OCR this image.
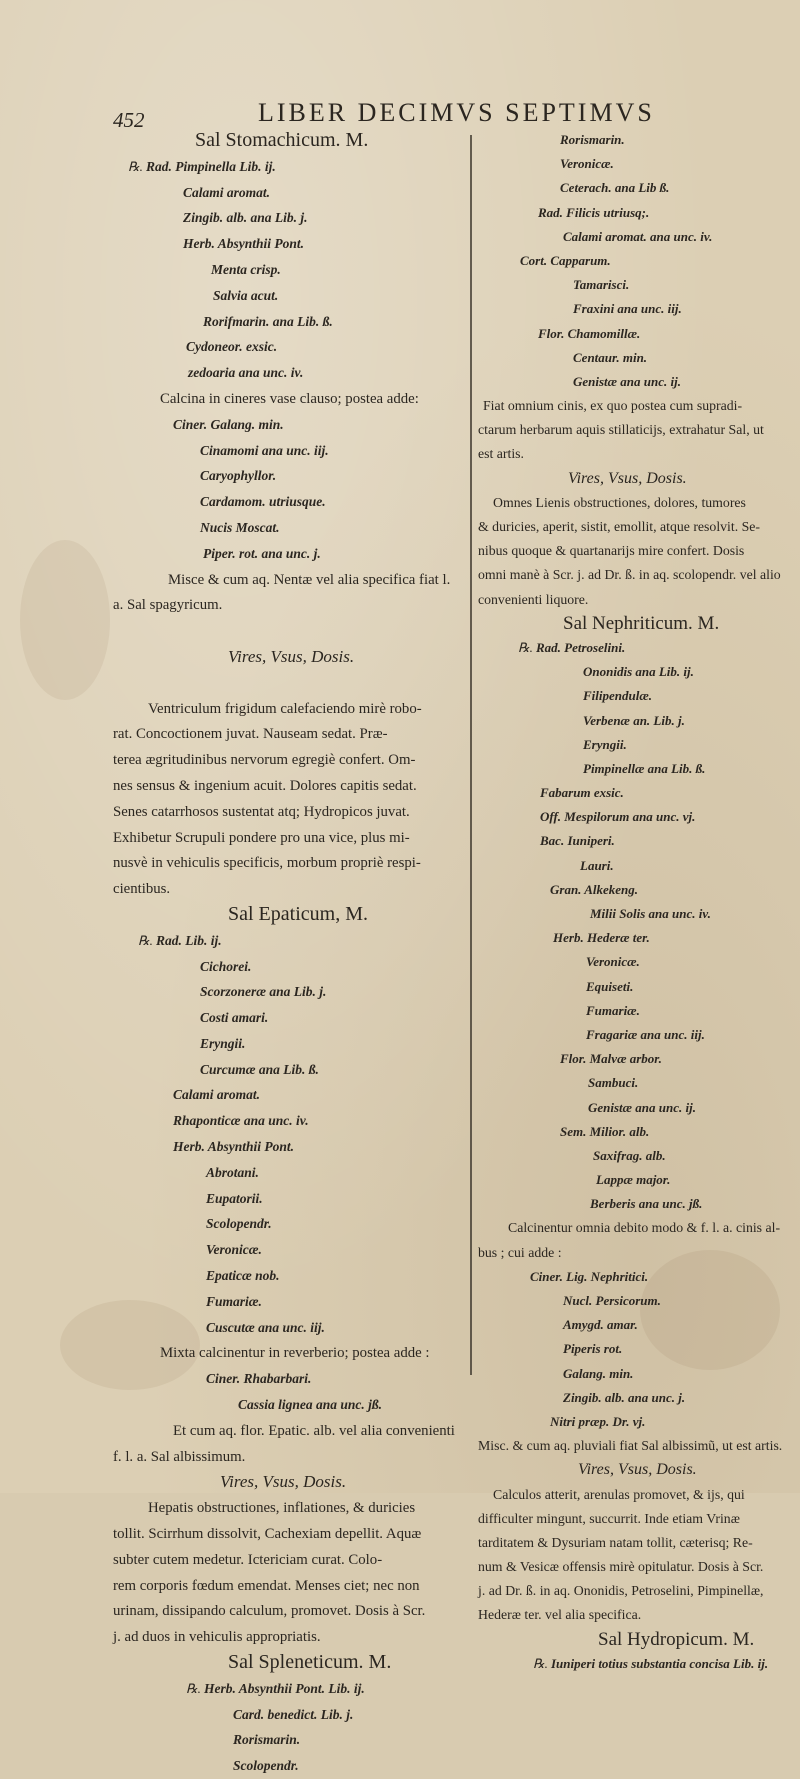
452	LIBER DECIMVS SEPTIMVS
Sal Stomachicum. M.
℞. Rad. Pimpinella Lib. ij.
Calami aromat.
Zingib. alb. ana Lib. j.
Herb. Absynthii Pont.
Menta crisp.
Salvia acut.
Rorifmarin. ana Lib. ß.
Cydoneor. exsic.
zedoaria ana unc. iv.
Calcina in cineres vase clauso; postea adde:
Ciner. Galang. min.
Cinamomi ana unc. iij.
Caryophyllor.
Cardamom. utriusque.
Nucis Moscat.
Piper. rot. ana unc. j.
Misce & cum aq. Nentæ vel alia specifica fiat l.
a. Sal spagyricum.
Vires, Vsus, Dosis.
Ventriculum frigidum calefaciendo mirè robo-
rat. Concoctionem juvat. Nauseam sedat. Præ-
terea ægritudinibus nervorum egregiè confert. Om-
nes sensus & ingenium acuit. Dolores capitis sedat.
Senes catarrhosos sustentat atq; Hydropicos juvat.
Exhibetur Scrupuli pondere pro una vice, plus mi-
nusvè in vehiculis specificis, morbum propriè respi-
cientibus.
Sal Epaticum, M.
℞. Rad. Lib. ij.
Cichorei.
Scorzoneræ ana Lib. j.
Costi amari.
Eryngii.
Curcumæ ana Lib. ß.
Calami aromat.
Rhaponticæ ana unc. iv.
Herb. Absynthii Pont.
Abrotani.
Eupatorii.
Scolopendr.
Veronicæ.
Epaticæ nob.
Fumariæ.
Cuscutæ ana unc. iij.
Mixta calcinentur in reverberio; postea adde :
Ciner. Rhabarbari.
Cassia lignea ana unc. jß.
Et cum aq. flor. Epatic. alb. vel alia convenienti
f. l. a. Sal albissimum.
Vires, Vsus, Dosis.
Hepatis obstructiones, inflationes, & duricies
tollit. Scirrhum dissolvit, Cachexiam depellit. Aquæ
subter cutem medetur. Ictericiam curat. Colo-
rem corporis fœdum emendat. Menses ciet; nec non
urinam, dissipando calculum, promovet. Dosis à Scr.
j. ad duos in vehiculis appropriatis.
Sal Spleneticum. M.
℞. Herb. Absynthii Pont. Lib. ij.
Card. benedict. Lib. j.
Rorismarin.
Scolopendr.
Rorismarin.
Veronicæ.
Ceterach. ana Lib ß.
Rad. Filicis utriusq;.
Calami aromat. ana unc. iv.
Cort. Capparum.
Tamarisci.
Fraxini ana unc. iij.
Flor. Chamomillæ.
Centaur. min.
Genistæ ana unc. ij.
Fiat omnium cinis, ex quo postea cum supradi-
ctarum herbarum aquis stillaticijs, extrahatur Sal, ut
est artis.
Vires, Vsus, Dosis.
Omnes Lienis obstructiones, dolores, tumores
& duricies, aperit, sistit, emollit, atque resolvit. Se-
nibus quoque & quartanarijs mire confert. Dosis
omni manè à Scr. j. ad Dr. ß. in aq. scolopendr. vel alio
convenienti liquore.
Sal Nephriticum. M.
℞. Rad. Petroselini.
Ononidis ana Lib. ij.
Filipendulæ.
Verbenæ an. Lib. j.
Eryngii.
Pimpinellæ ana Lib. ß.
Fabarum exsic.
Off. Mespilorum ana unc. vj.
Bac. Iuniperi.
Lauri.
Gran. Alkekeng.
Milii Solis ana unc. iv.
Herb. Hederæ ter.
Veronicæ.
Equiseti.
Fumariæ.
Fragariæ ana unc. iij.
Flor. Malvæ arbor.
Sambuci.
Genistæ ana unc. ij.
Sem. Milior. alb.
Saxifrag. alb.
Lappæ major.
Berberis ana unc. jß.
Calcinentur omnia debito modo & f. l. a. cinis al-
bus ; cui adde :
Ciner. Lig. Nephritici.
Nucl. Persicorum.
Amygd. amar.
Piperis rot.
Galang. min.
Zingib. alb. ana unc. j.
Nitri præp. Dr. vj.
Misc. & cum aq. pluviali fiat Sal albissimũ, ut est artis.
Vires, Vsus, Dosis.
Calculos atterit, arenulas promovet, & ijs, qui
difficulter mingunt, succurrit. Inde etiam Vrinæ
tarditatem & Dysuriam natam tollit, cæterisq; Re-
num & Vesicæ offensis mirè opitulatur. Dosis à Scr.
j. ad Dr. ß. in aq. Ononidis, Petroselini, Pimpinellæ,
Hederæ ter. vel alia specifica.
Sal Hydropicum. M.
℞. Iuniperi totius substantia concisa Lib. ij.
